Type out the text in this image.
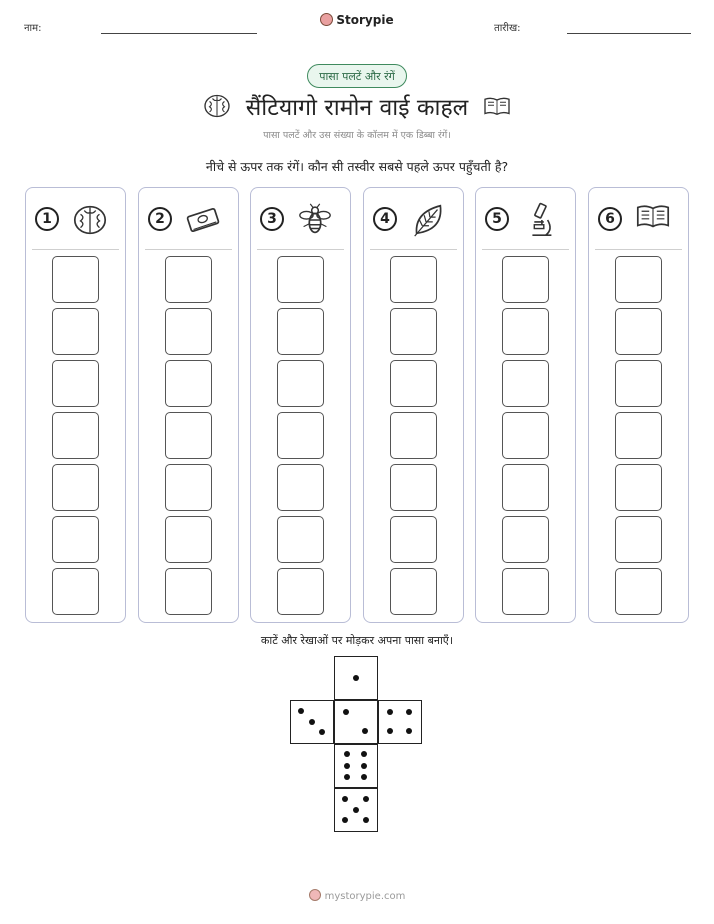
नाम:
Storypie
तारीख:
पासा पलटें और रंगें
सैंटियागो रामोन वाई काहल
पासा पलटें और उस संख्या के कॉलम में एक डिब्बा रंगें।
नीचे से ऊपर तक रंगें। कौन सी तस्वीर सबसे पहले ऊपर पहुँचती है?
1	2	3	4	5	6
काटें और रेखाओं पर मोड़कर अपना पासा बनाएँ।
mystorypie.com
